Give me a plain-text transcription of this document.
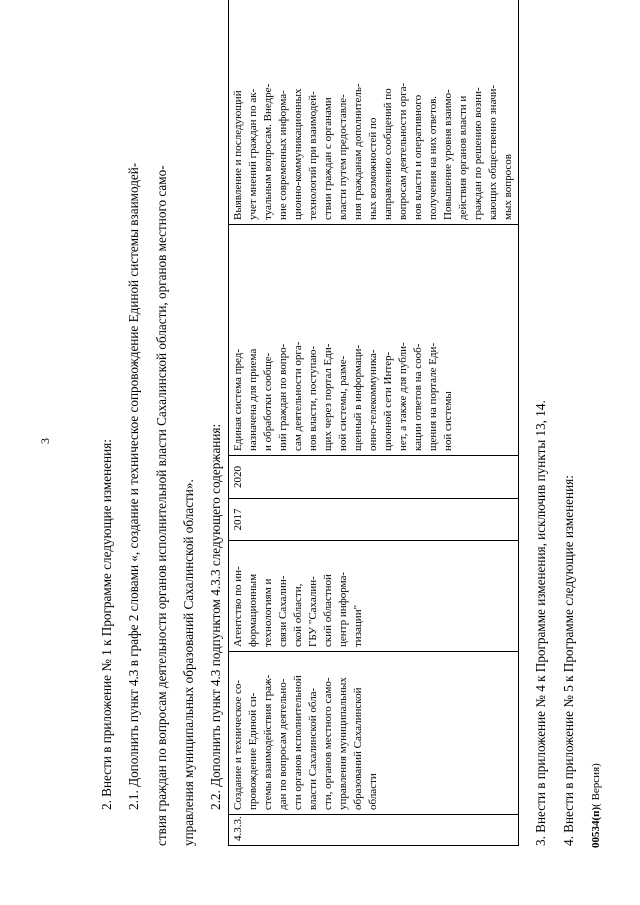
3	2. Внести в приложение № 1 к Программе следующие изменения: 2.1. Дополнить пункт 4.3 в графе 2 словами «, создание и техническое сопровождение Единой системы взаимодей- ствия граждан по вопросам деятельности органов исполнительной власти Сахалинской области, органов местного само- управления муниципальных образований Сахалинской области». 2.2. Дополнить пункт 4.3 подпунктом 4.3.3 следующего содержания:
4.3.3.	Создание и техническое со-
провождение Единой си-
стемы взаимодействия граж-
дан по вопросам деятельно-
сти органов исполнительной
власти Сахалинской обла-
сти, органов местного само-
управления муниципальных
образований Сахалинской
области	Агентство по ин-
формационным
технологиям и
связи Сахалин-
ской области,
ГБУ "Сахалин-
ский областной
центр информа-
тизации"	2017	2020	Единая система пред-
назначена для приема
и обработки сообще-
ний граждан по вопро-
сам деятельности орга-
нов власти, поступаю-
щих через портал Еди-
ной системы, разме-
щенный в информаци-
онно-телекоммуника-
ционной сети Интер-
нет, а также для публи-
кации ответов на сооб-
щения на портале Еди-
ной системы	Выявление и последующий
учет мнений граждан по ак-
туальным вопросам. Внедре-
ние современных информа-
ционно-коммуникационных
технологий при взаимодей-
ствии граждан с органами
власти путем предоставле-
ния гражданам дополнитель-
ных возможностей по
направлению сообщений по
вопросам деятельности орга-
нов власти и оперативного
получения на них ответов.
Повышение уровня взаимо-
действия органов власти и
граждан по решению возни-
кающих общественно значи-
мых вопросов
3. Внести в приложение № 4 к Программе изменения, исключив пункты 13, 14. 4. Внести в приложение № 5 к Программе следующие изменения: 00534(п)( Версия)
